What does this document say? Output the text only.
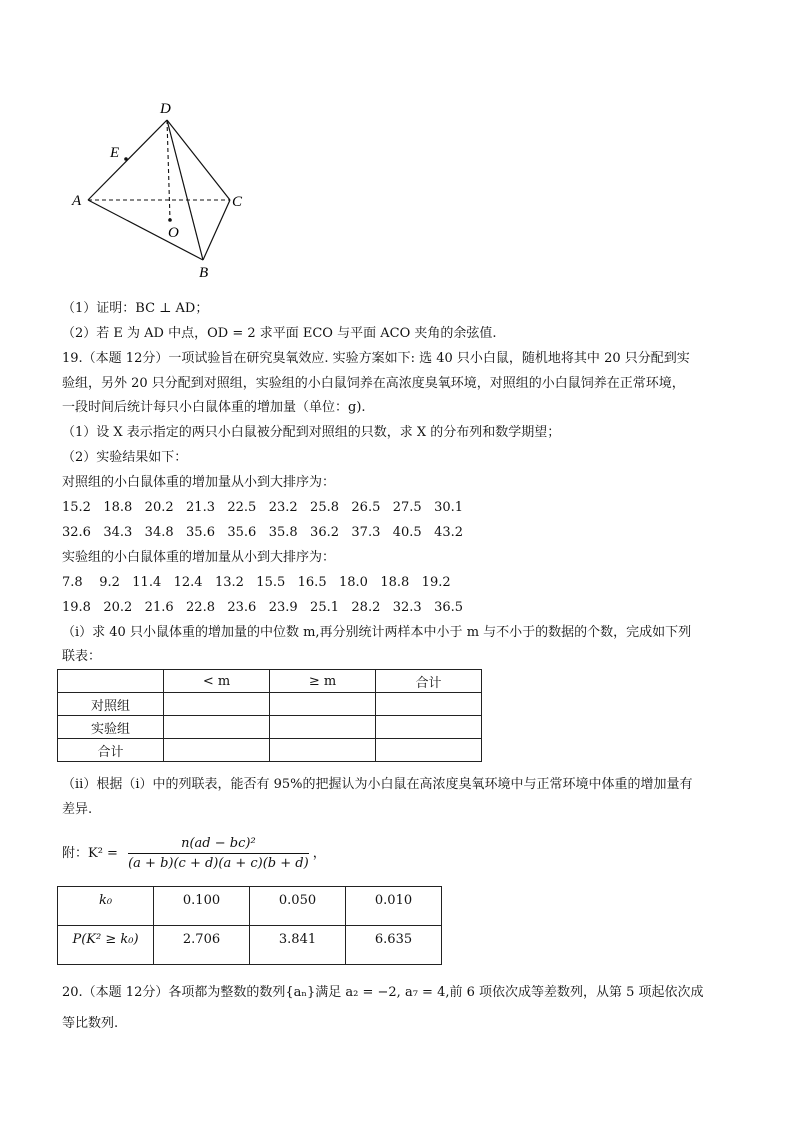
D
E
A	C
O
B
（1）证明：BC ⊥ AD；
（2）若 E 为 AD 中点，OD = 2 求平面 ECO 与平面 ACO 夹角的余弦值.
19.（本题 12分）一项试验旨在研究臭氧效应. 实验方案如下: 选 40 只小白鼠，随机地将其中 20 只分配到实
验组，另外 20 只分配到对照组，实验组的小白鼠饲养在高浓度臭氧环境，对照组的小白鼠饲养在正常环境，
一段时间后统计每只小白鼠体重的增加量（单位：g).
（1）设 X 表示指定的两只小白鼠被分配到对照组的只数，求 X 的分布列和数学期望；
（2）实验结果如下：
对照组的小白鼠体重的增加量从小到大排序为：
15.2   18.8   20.2   21.3   22.5   23.2   25.8   26.5   27.5   30.1
32.6   34.3   34.8   35.6   35.6   35.8   36.2   37.3   40.5   43.2
实验组的小白鼠体重的增加量从小到大排序为：
7.8    9.2   11.4   12.4   13.2   15.5   16.5   18.0   18.8   19.2
19.8   20.2   21.6   22.8   23.6   23.9   25.1   28.2   32.3   36.5
（i）求 40 只小鼠体重的增加量的中位数 m,再分别统计两样本中小于 m 与不小于的数据的个数，完成如下列
联表：
	< m	≥ m	合计
对照组			
实验组			
合计			
（ii）根据（i）中的列联表，能否有 95%的把握认为小白鼠在高浓度臭氧环境中与正常环境中体重的增加量有
差异.
附：$K^2 = \frac{\text{n(ad − bc)²}}{(a + b)(c + d)(a + c)(b + d)}$ ，
k₀	0.100	0.050	0.010
P(K² ≥ k₀)	2.706	3.841	6.635
20.（本题 12分）各项都为整数的数列{aₙ}满足 a₂ = −2, a₇ = 4,前 6 项依次成等差数列，从第 5 项起依次成
等比数列.
